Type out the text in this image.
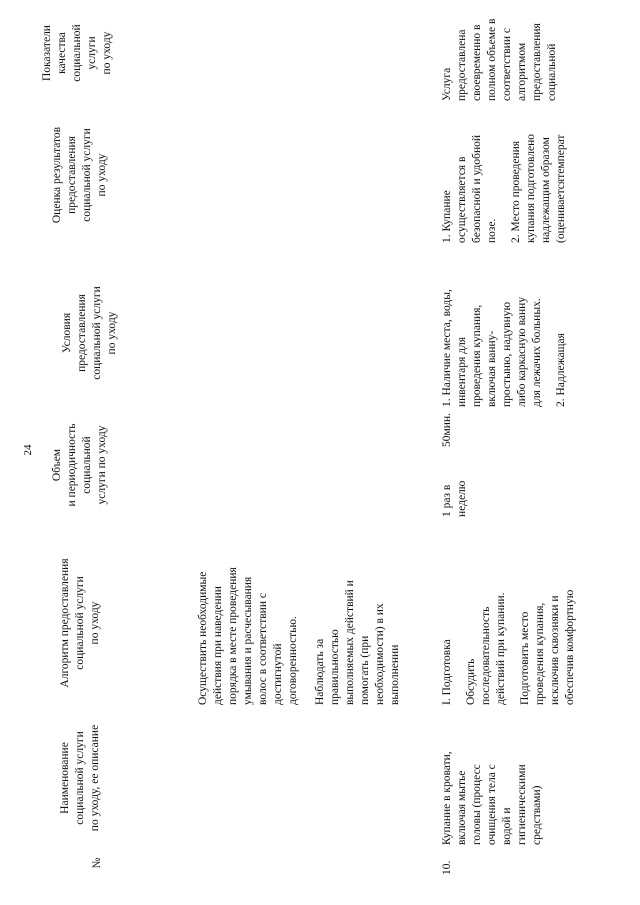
24
№	10.

Наименование
социальной услуги
по уходу, ее описание

Купание в кровати,
включая мытье
головы (процесс
очищения тела с
водой и
гигиеническими
средствами)

Алгоритм предоставления
социальной услуги
по уходу

Осуществить необходимые
действия при наведении
порядка в месте проведения
умывания и расчесывания
волос в соответствии с
достигнутой
договоренностью. Наблюдать за
правильностью
выполняемых действий и
помогать (при
необходимости) в их
выполнении	I. Подготовка Обсудить
последовательность
действий при купании.

Подготовить место
проведения купания,
исключив сквозняки и
обеспечив комфортную

Объем
и периодичность
социальной
услуги по уходу
1 раз в
неделю
50мин.
Условия
предоставления
социальной услуги
по уходу

1. Наличие места, воды,
инвентаря для
проведения купания,
включая ванну-
простыню, надувную
либо каркасную ванну
для лежачих больных.

2. Надлежащая

Оценка результатов
предоставления
социальной услуги
по уходу

1. Купание
осуществляется в
безопасной и удобной
позе. 2. Место проведения
купания подготовлено
надлежащим образом
(оцениваетсятемперат

Показатели
качества
социальной
услуги
по уходу

Услуга
предоставлена
своевременно в
полном объеме в
соответствии с
алгоритмом
предоставления
социальной
